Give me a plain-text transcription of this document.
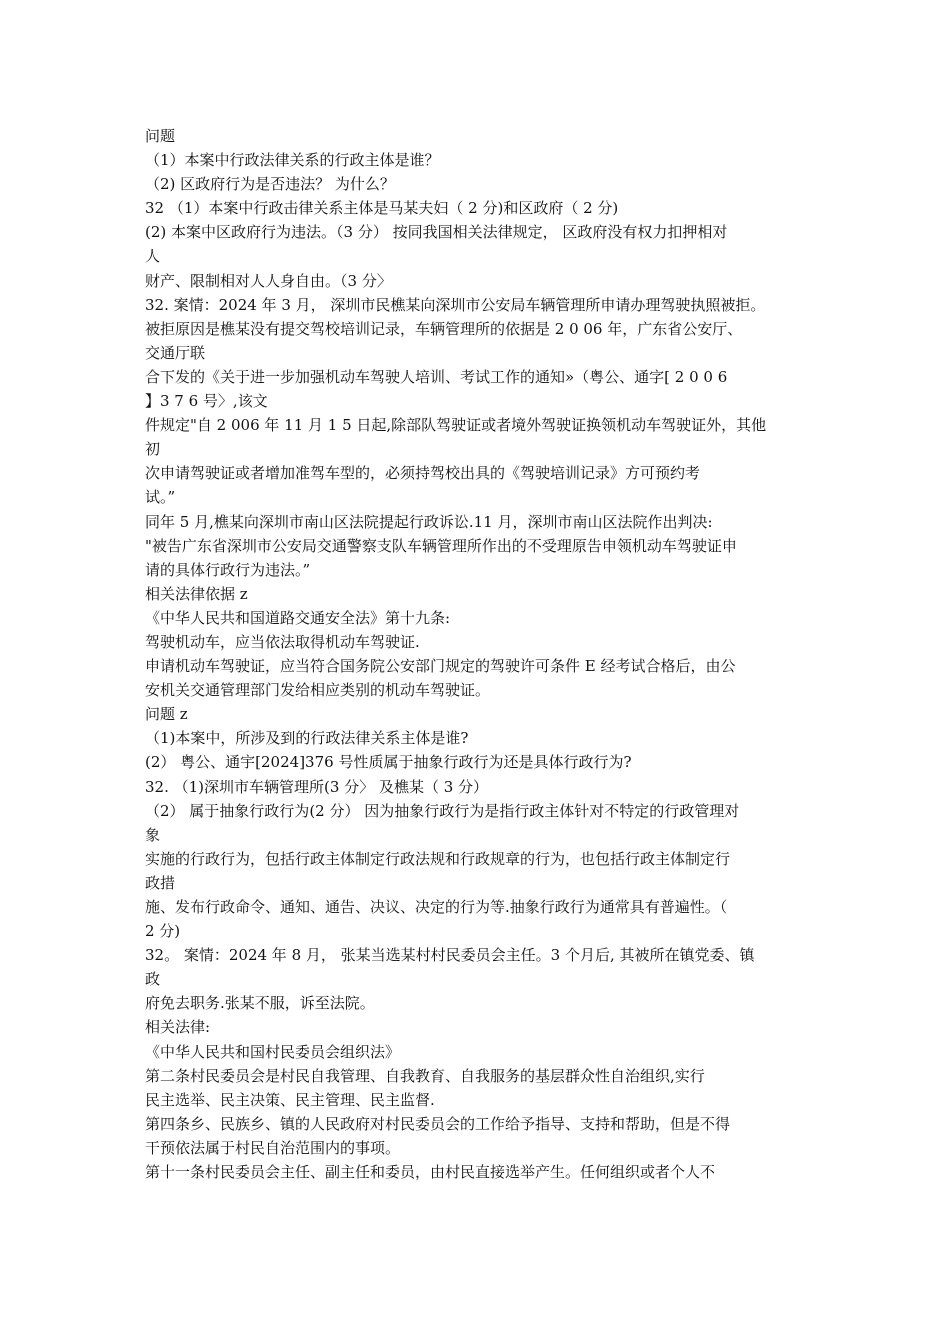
问题
（1）本案中行政法律关系的行政主体是谁？
（2) 区政府行为是否违法？ 为什么？
32 （1）本案中行政击律关系主体是马某夫妇（ 2 分)和区政府（ 2 分)
(2) 本案中区政府行为违法。（3 分） 按同我国相关法律规定， 区政府没有权力扣押相对
人
财产、限制相对人人身自由。（3 分〉
32. 案情：2024 年 3 月， 深圳市民樵某向深圳市公安局车辆管理所申请办理驾驶执照被拒。
被拒原因是樵某没有提交驾校培训记录，车辆管理所的依据是 2 0 06 年，广东省公安厅、
交通厅联
合下发的《关于进一步加强机动车驾驶人培训、考试工作的通知»（粤公、通字[ 2 0 0 6
】3 7 6 号〉,该文
件规定"自 2 006 年 11 月 1 5 日起,除部队驾驶证或者境外驾驶证换领机动车驾驶证外，其他
初
次申请驾驶证或者增加准驾车型的，必须持驾校出具的《驾驶培训记录》方可预约考
试。”
同年 5 月,樵某向深圳市南山区法院提起行政诉讼.11 月，深圳市南山区法院作出判决:
"被告广东省深圳市公安局交通警察支队车辆管理所作出的不受理原告申领机动车驾驶证申
请的具体行政行为违法。”
相关法律依据 z
《中华人民共和国道路交通安全法》第十九条:
驾驶机动车，应当依法取得机动车驾驶证.
申请机动车驾驶证，应当符合国务院公安部门规定的驾驶许可条件 E 经考试合格后，由公
安机关交通管理部门发给相应类别的机动车驾驶证。
问题 z
（1)本案中，所涉及到的行政法律关系主体是谁?
(2） 粤公、通宇[2024]376 号性质属于抽象行政行为还是具体行政行为?
32. （1)深圳市车辆管理所(3 分〉 及樵某（ 3 分）
（2） 属于抽象行政行为(2 分） 因为抽象行政行为是指行政主体针对不特定的行政管理对
象
实施的行政行为，包括行政主体制定行政法规和行政规章的行为，也包括行政主体制定行
政措
施、发布行政命令、通知、通告、决议、决定的行为等.抽象行政行为通常具有普遍性。（
2 分)
32。 案情：2024 年 8 月， 张某当选某村村民委员会主任。3 个月后, 其被所在镇党委、镇
政
府免去职务.张某不服，诉至法院。
相关法律:
《中华人民共和国村民委员会组织法》
第二条村民委员会是村民自我管理、自我教育、自我服务的基层群众性自治组织,实行
民主选举、民主决策、民主管理、民主监督.
第四条乡、民族乡、镇的人民政府对村民委员会的工作给予指导、支持和帮助，但是不得
干预依法属于村民自治范围内的事项。
第十一条村民委员会主任、副主任和委员，由村民直接选举产生。任何组织或者个人不
